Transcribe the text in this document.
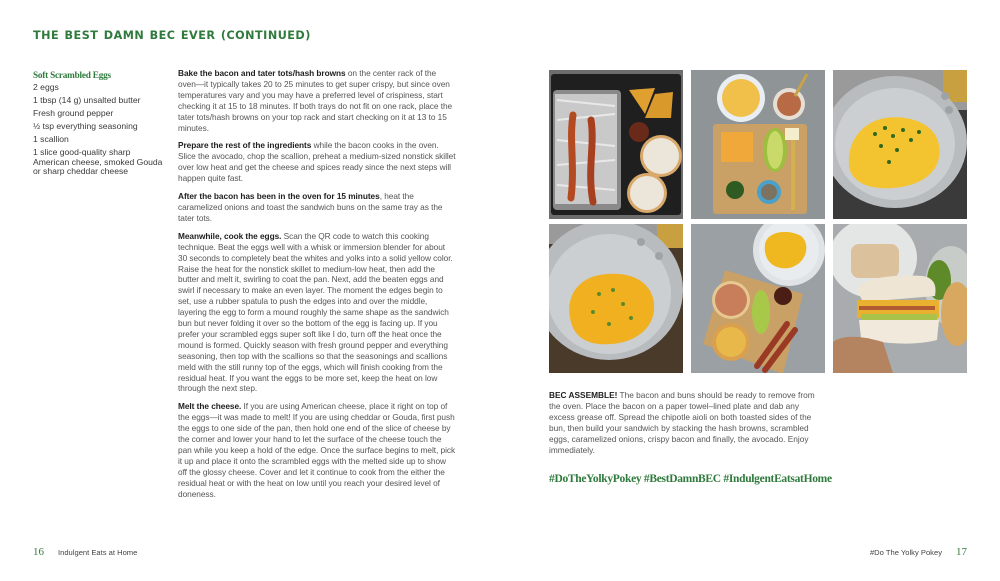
THE BEST DAMN BEC EVER (CONTINUED)
Soft Scrambled Eggs
2 eggs
1 tbsp (14 g) unsalted butter
Fresh ground pepper
½ tsp everything seasoning
1 scallion
1 slice good-quality sharp American cheese, smoked Gouda or sharp cheddar cheese

Bake the bacon and tater tots/hash browns on the center rack of the oven—it typically takes 20 to 25 minutes to get super crispy, but since oven temperatures vary and you may have a preferred level of crispiness, start checking it at 15 to 18 minutes. If both trays do not fit on one rack, place the tater tots/hash browns on your top rack and start checking on it at 13 to 15 minutes.

Prepare the rest of the ingredients while the bacon cooks in the oven. Slice the avocado, chop the scallion, preheat a medium-sized nonstick skillet over low heat and get the cheese and spices ready since the next steps will happen quite fast.

After the bacon has been in the oven for 15 minutes, heat the caramelized onions and toast the sandwich buns on the same tray as the tater tots.

Meanwhile, cook the eggs. Scan the QR code to watch this cooking technique. Beat the eggs well with a whisk or immersion blender for about 30 seconds to completely beat the whites and yolks into a solid yellow color. Raise the heat for the nonstick skillet to medium-low heat, then add the butter and melt it, swirling to coat the pan. Next, add the beaten eggs and swirl if necessary to make an even layer. The moment the edges begin to set, use a rubber spatula to push the edges into and over the middle, layering the egg to form a mound roughly the same shape as the sandwich bun but never folding it over so the bottom of the egg is facing up. If you prefer your scrambled eggs super soft like I do, turn off the heat once the mound is formed. Quickly season with fresh ground pepper and everything seasoning, then top with the scallions so that the seasonings and scallions meld with the still runny top of the eggs, which will finish cooking from the residual heat. If you want the eggs to be more set, keep the heat on low through the next step.

Melt the cheese. If you are using American cheese, place it right on top of the eggs—it was made to melt! If you are using cheddar or Gouda, first push the eggs to one side of the pan, then hold one end of the slice of cheese by the corner and lower your hand to let the surface of the cheese touch the pan while you keep a hold of the edge. Once the surface begins to melt, pick it up and place it onto the scrambled eggs with the melted side up to show off the glossy cheese. Cover and let it continue to cook from the either the residual heat or with the heat on low until you reach your desired level of doneness.

BEC ASSEMBLE! The bacon and buns should be ready to remove from the oven. Place the bacon on a paper towel–lined plate and dab any excess grease off. Spread the chipotle aioli on both toasted sides of the bun, then build your sandwich by stacking the hash browns, scrambled eggs, caramelized onions, crispy bacon and finally, the avocado. Enjoy immediately.
#DoTheYolkyPokey #BestDamnBEC #IndulgentEatsatHome
16 Indulgent Eats at Home	#Do The Yolky Pokey 17
